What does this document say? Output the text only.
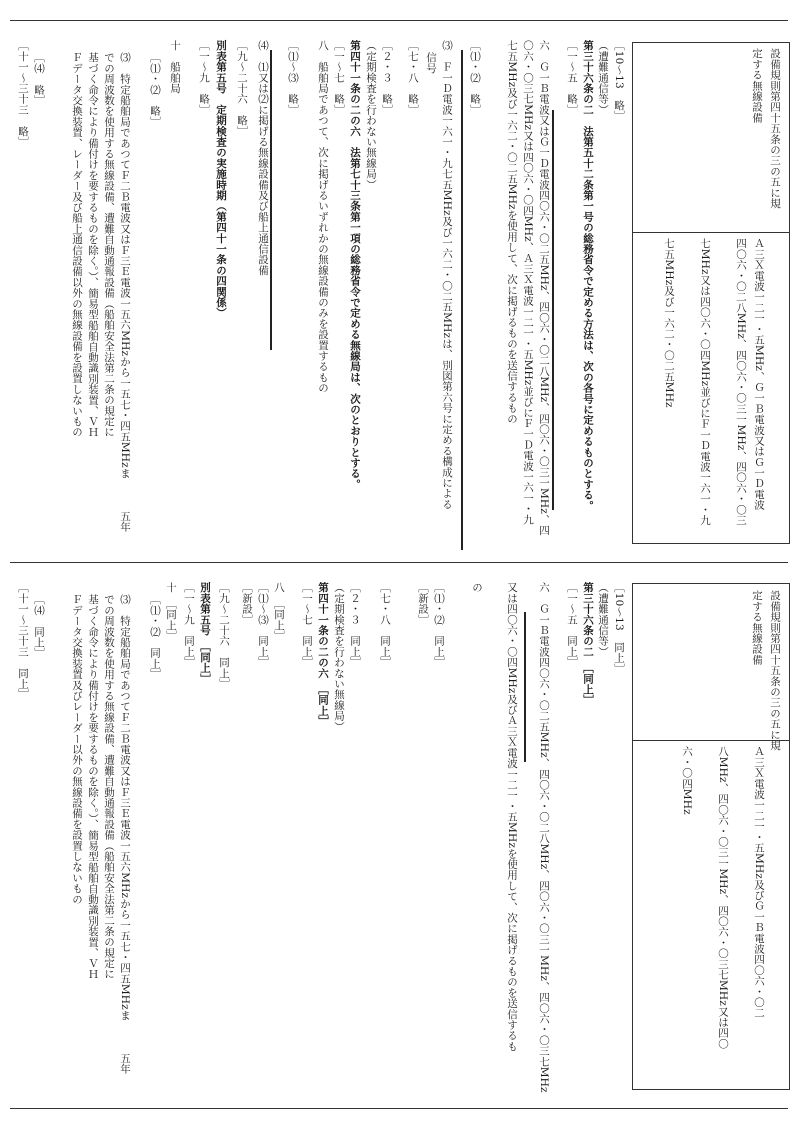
設備規則第四十五条の三の五に規
定する無線設備
Ａ三Ｘ電波一二一・五MHz、Ｇ一Ｂ電波又はＧ一Ｄ電波
四〇六・〇二八MHz、四〇六・〇三一MHz、四〇六・〇三
七MHz又は四〇六・〇四MHz並びにＦ一Ｄ電波一六一・九
七五MHz及び一六二・〇二五MHz
［10～13　略］
（遭難通信等）
第三十六条の二　法第五十二条第一号の総務省令で定める方法は、次の各号に定めるものとする。
［一～五　略］
六　Ｇ一Ｂ電波又はＧ一Ｄ電波四〇六・〇二五MHz、四〇六・〇二八MHz、四〇六・〇三一MHz、四
〇六・〇三七MHz又は四〇六・〇四MHz、Ａ三Ｘ電波一二一・五MHz並びにＦ一Ｄ電波一六一・九
七五MHz及び一六二・〇二五MHzを使用して、次に掲げるものを送信するもの
［⑴・⑵　略］
⑶　Ｆ一Ｄ電波一六一・九七五MHz及び一六二・〇二五MHzは、別図第六号に定める構成による
信号
［七・八　略］
［２・３　略］
（定期検査を行わない無線局）
第四十一条の二の六　法第七十三条第一項の総務省令で定める無線局は、次のとおりとする。
［一～七　略］
八　船舶局であつて、次に掲げるいずれかの無線設備のみを設置するもの
［⑴～⑶　略］
⑷　⑴又は⑵に掲げる無線設備及び船上通信設備
［九～二十六　略］
別表第五号　定期検査の実施時期（第四十一条の四関係）
［一～九　略］
十　船舶局
［⑴・⑵　略］
⑶　特定船舶局であつてＦ二Ｂ電波又はＦ三Ｅ電波一五六MHzから一五七・四五MHzま　　　五年
での周波数を使用する無線設備、遭難自動通報設備（船舶安全法第二条の規定に
基づく命令により備付けを要するものを除く。）、簡易型船舶自動識別装置、ＶＨ
Ｆデータ交換装置、レーダー及び船上通信設備以外の無線設備を設置しないもの
［⑷　略］
［十一～三十三　略］
設備規則第四十五条の三の五に規
定する無線設備
Ａ三Ｘ電波一二一・五MHz及びＧ一Ｂ電波四〇六・〇二
八MHz、四〇六・〇三一MHz、四〇六・〇三七MHz又は四〇
六・〇四MHz
［10～13　同上］
（遭難通信等）
第三十六条の二　［同上］
［一～五　同上］
六　Ｇ一Ｂ電波四〇六・〇二五MHz、四〇六・〇二八MHz、四〇六・〇三一MHz、四〇六・〇三七MHz
又は四〇六・〇四MHz及びＡ三Ｘ電波一二一・五MHzを使用して、次に掲げるものを送信するも
の
［⑴・⑵　同上］
［新設］
［七・八　同上］
［２・３　同上］
（定期検査を行わない無線局）
第四十一条の二の六　［同上］
［一～七　同上］
八　［同上］
［⑴～⑶　同上］
［新設］
［九～二十六　同上］
別表第五号　［同上］
［一～九　同上］
十　［同上］
［⑴・⑵　同上］
⑶　特定船舶局であつてＦ二Ｂ電波又はＦ三Ｅ電波一五六MHzから一五七・四五MHzま　　　五年
での周波数を使用する無線設備、遭難自動通報設備（船舶安全法第二条の規定に
基づく命令により備付けを要するものを除く。）、簡易型船舶自動識別装置、ＶＨ
Ｆデータ交換装置及びレーダー以外の無線設備を設置しないもの
［⑷　同上］
［十一～三十三　同上］
